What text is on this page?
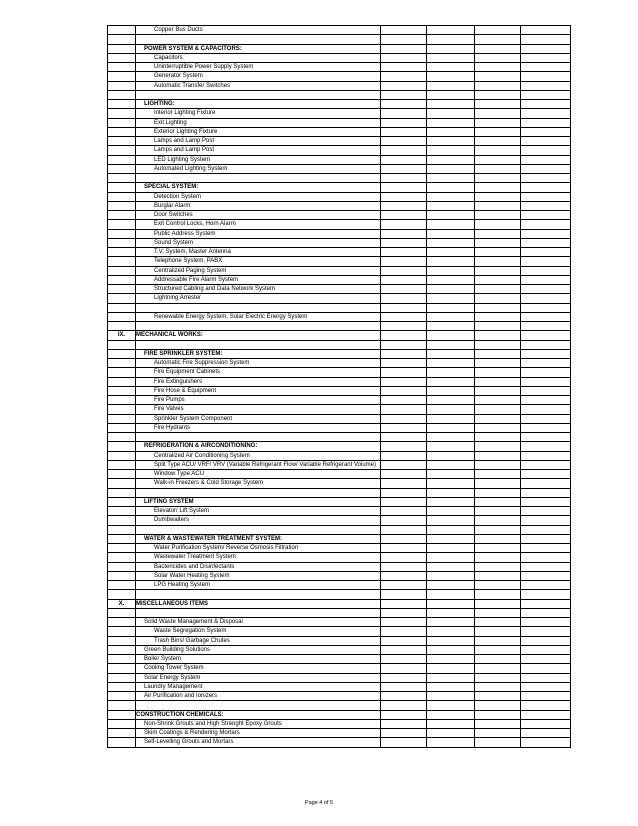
	Copper Bus Ducts				

	POWER SYSTEM & CAPACITORS:				
	Capacitors				
	Uninterruptible Power Supply System				
	Generator System				
	Automatic Transfer Switches				

	LIGHTING:				
	Interior Lighting Fixture				
	Exit Lighting				
	Exterior Lighting Fixture				
	Lamps and Lamp Post				
	Lamps and Lamp Post				
	LED Lighting System				
	Automated Lighting System				

	SPECIAL SYSTEM:				
	Detection System				
	Burglar Alarm				
	Door Switches				
	Exit Control Locks, Horn Alarm				
	Public Address System				
	Sound System				
	T.V. System, Master Antenna				
	Telephone System, PABX				
	Centralized Paging System				
	Addressable Fire Alarm System				
	Structured Cabling and Data Network System				
	Lightning Arrester				

	Renewable Energy System, Solar Electric Energy System				

IX.	MECHANICAL WORKS:				

	FIRE SPRINKLER SYSTEM:				
	Automatic Fire Suppression System				
	Fire Equipment Cabinets				
	Fire Extinguishers				
	Fire Hose & Equipment				
	Fire Pumps				
	Fire Valves				
	Sprinkler System Component				
	Fire Hydrants				

	REFRIGERATION & AIRCONDITIONING:				
	Centralized Air Conditioning System				
	Split Type ACU/ VRF/ VRV (Variable Refrigerant Flow/ Variable Refrigerant Volume)				
	Window Type ACU				
	Walk-in Freezers & Cold Storage System				

	LIFTING SYSTEM				
	Elevator/ Lift System				
	Dumbwaiters				

	WATER & WASTEWATER TREATMENT SYSTEM:				
	Water Purification System/ Reverse Osmosis Filtration				
	Wastewater Treatment System				
	Bactericides and Disinfectants				
	Solar Water Heating System				
	LPG Heating System				

X.	MISCELLANEOUS ITEMS				

	Solid Waste Management & Disposal				
	Waste Segregation System				
	Trash Bins/ Garbage Chutes				
	Green Building Solutions				
	Boiler System				
	Cooling Tower System				
	Solar Energy System				
	Laundry Management				
	Air Purification and Ionizers				

	CONSTRUCTION CHEMICALS:				
	Non-Shrink Grouts and High Strenght Epoxy Grouts				
	Skim Coatings & Rendering Mortars				
	Self-Levelling Grouts and Mortars				
Page 4 of 5
